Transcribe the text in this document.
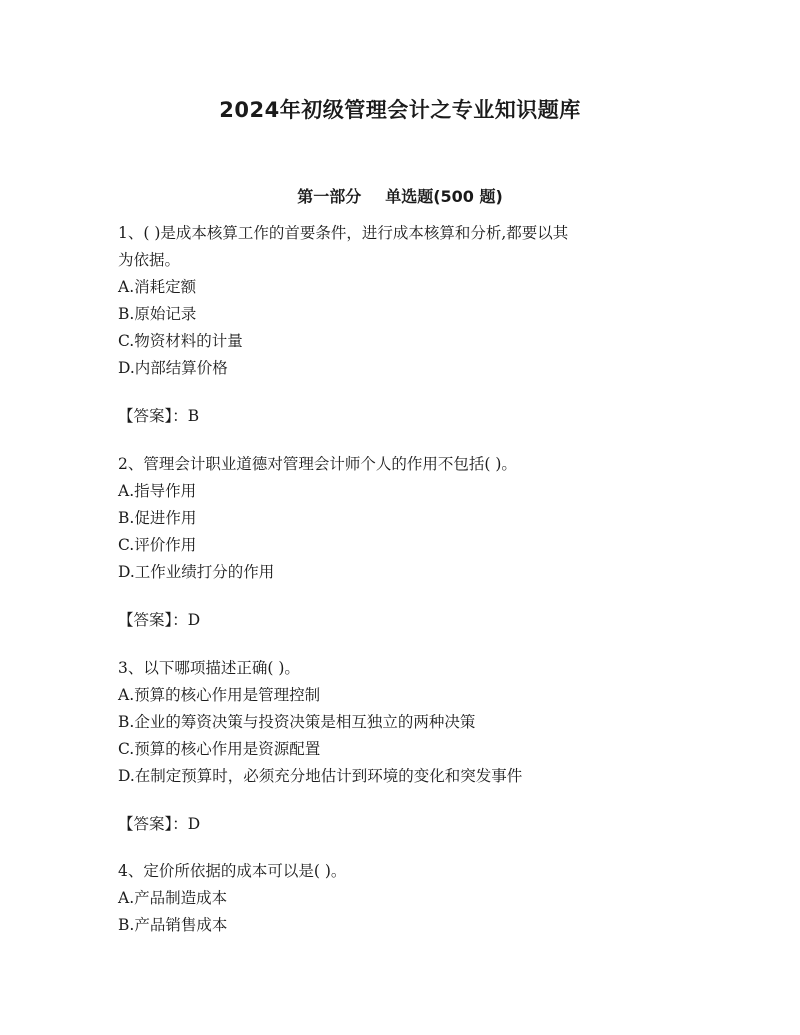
2024年初级管理会计之专业知识题库
第一部分 单选题(500 题)

1、( )是成本核算工作的首要条件，进行成本核算和分析,都要以其

为依据。

A.消耗定额

B.原始记录

C.物资材料的计量

D.内部结算价格

【答案】：B

2、管理会计职业道德对管理会计师个人的作用不包括( )。

A.指导作用

B.促进作用

C.评价作用

D.工作业绩打分的作用

【答案】：D

3、以下哪项描述正确( )。

A.预算的核心作用是管理控制

B.企业的筹资决策与投资决策是相互独立的两种决策

C.预算的核心作用是资源配置

D.在制定预算时，必须充分地估计到环境的变化和突发事件

【答案】：D

4、定价所依据的成本可以是( )。

A.产品制造成本

B.产品销售成本
